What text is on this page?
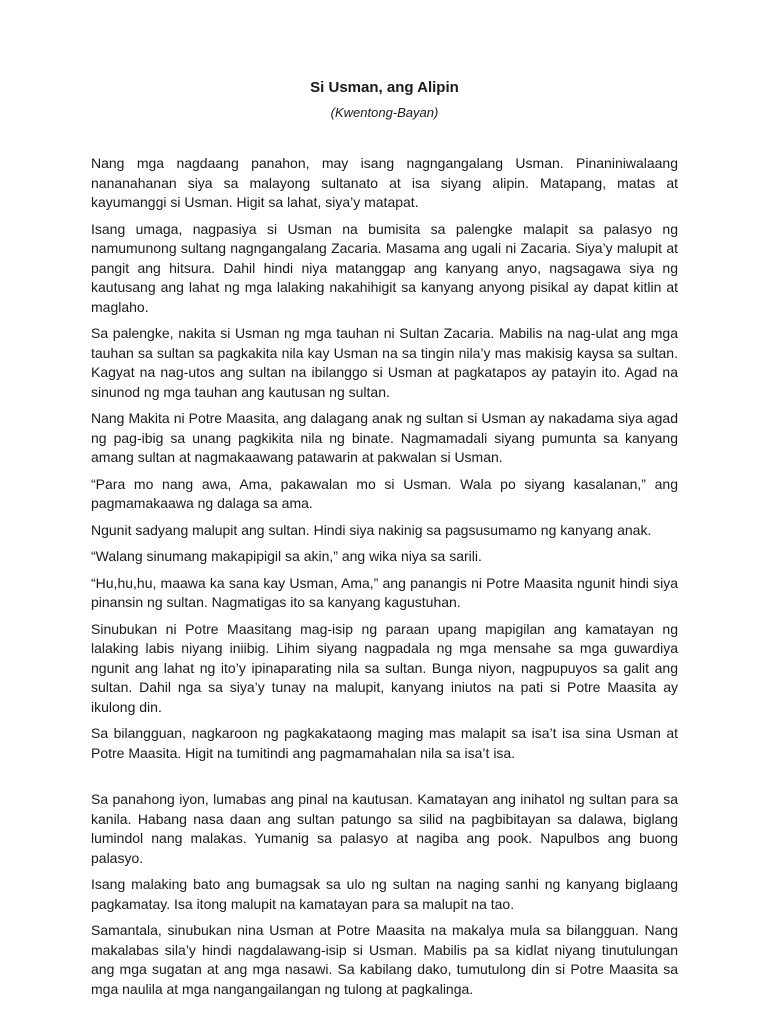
Si Usman, ang Alipin

(Kwentong-Bayan)

Nang mga nagdaang panahon, may isang nagngangalang Usman. Pinaniniwalaang nananahanan siya sa malayong sultanato at isa siyang alipin. Matapang, matas at kayumanggi si Usman. Higit sa lahat, siya’y matapat.

Isang umaga, nagpasiya si Usman na bumisita sa palengke malapit sa palasyo ng namumunong sultang nagngangalang Zacaria. Masama ang ugali ni Zacaria. Siya’y malupit at pangit ang hitsura. Dahil hindi niya matanggap ang kanyang anyo, nagsagawa siya ng kautusang ang lahat ng mga lalaking nakahihigit sa kanyang anyong pisikal ay dapat kitlin at maglaho.

Sa palengke, nakita si Usman ng mga tauhan ni Sultan Zacaria. Mabilis na nag-ulat ang mga tauhan sa sultan sa pagkakita nila kay Usman na sa tingin nila’y mas makisig kaysa sa sultan. Kagyat na nag-utos ang sultan na ibilanggo si Usman at pagkatapos ay patayin ito. Agad na sinunod ng mga tauhan ang kautusan ng sultan.

Nang Makita ni Potre Maasita, ang dalagang anak ng sultan si Usman ay nakadama siya agad ng pag-ibig sa unang pagkikita nila ng binate. Nagmamadali siyang pumunta sa kanyang amang sultan at nagmakaawang patawarin at pakwalan si Usman.

“Para mo nang awa, Ama, pakawalan mo si Usman. Wala po siyang kasalanan,” ang pagmamakaawa ng dalaga sa ama.

Ngunit sadyang malupit ang sultan. Hindi siya nakinig sa pagsusumamo ng kanyang anak.

“Walang sinumang makapipigil sa akin,” ang wika niya sa sarili.

“Hu,hu,hu, maawa ka sana kay Usman, Ama,” ang panangis ni Potre Maasita ngunit hindi siya pinansin ng sultan. Nagmatigas ito sa kanyang kagustuhan.

Sinubukan ni Potre Maasitang mag-isip ng paraan upang mapigilan ang kamatayan ng lalaking labis niyang iniibig. Lihim siyang nagpadala ng mga mensahe sa mga guwardiya ngunit ang lahat ng ito’y ipinaparating nila sa sultan. Bunga niyon, nagpupuyos sa galit ang sultan. Dahil nga sa siya’y tunay na malupit, kanyang iniutos na pati si Potre Maasita ay ikulong din.

Sa bilangguan, nagkaroon ng pagkakataong maging mas malapit sa isa’t isa sina Usman at Potre Maasita. Higit na tumitindi ang pagmamahalan nila sa isa’t isa.

Sa panahong iyon, lumabas ang pinal na kautusan. Kamatayan ang inihatol ng sultan para sa kanila. Habang nasa daan ang sultan patungo sa silid na pagbibitayan sa dalawa, biglang lumindol nang malakas. Yumanig sa palasyo at nagiba ang pook. Napulbos ang buong palasyo.

Isang malaking bato ang bumagsak sa ulo ng sultan na naging sanhi ng kanyang biglaang pagkamatay. Isa itong malupit na kamatayan para sa malupit na tao.

Samantala, sinubukan nina Usman at Potre Maasita na makalya mula sa bilangguan. Nang makalabas sila’y hindi nagdalawang-isip si Usman. Mabilis pa sa kidlat niyang tinutulungan ang mga sugatan at ang mga nasawi. Sa kabilang dako, tumutulong din si Potre Maasita sa mga naulila at mga nangangailangan ng tulong at pagkalinga.
